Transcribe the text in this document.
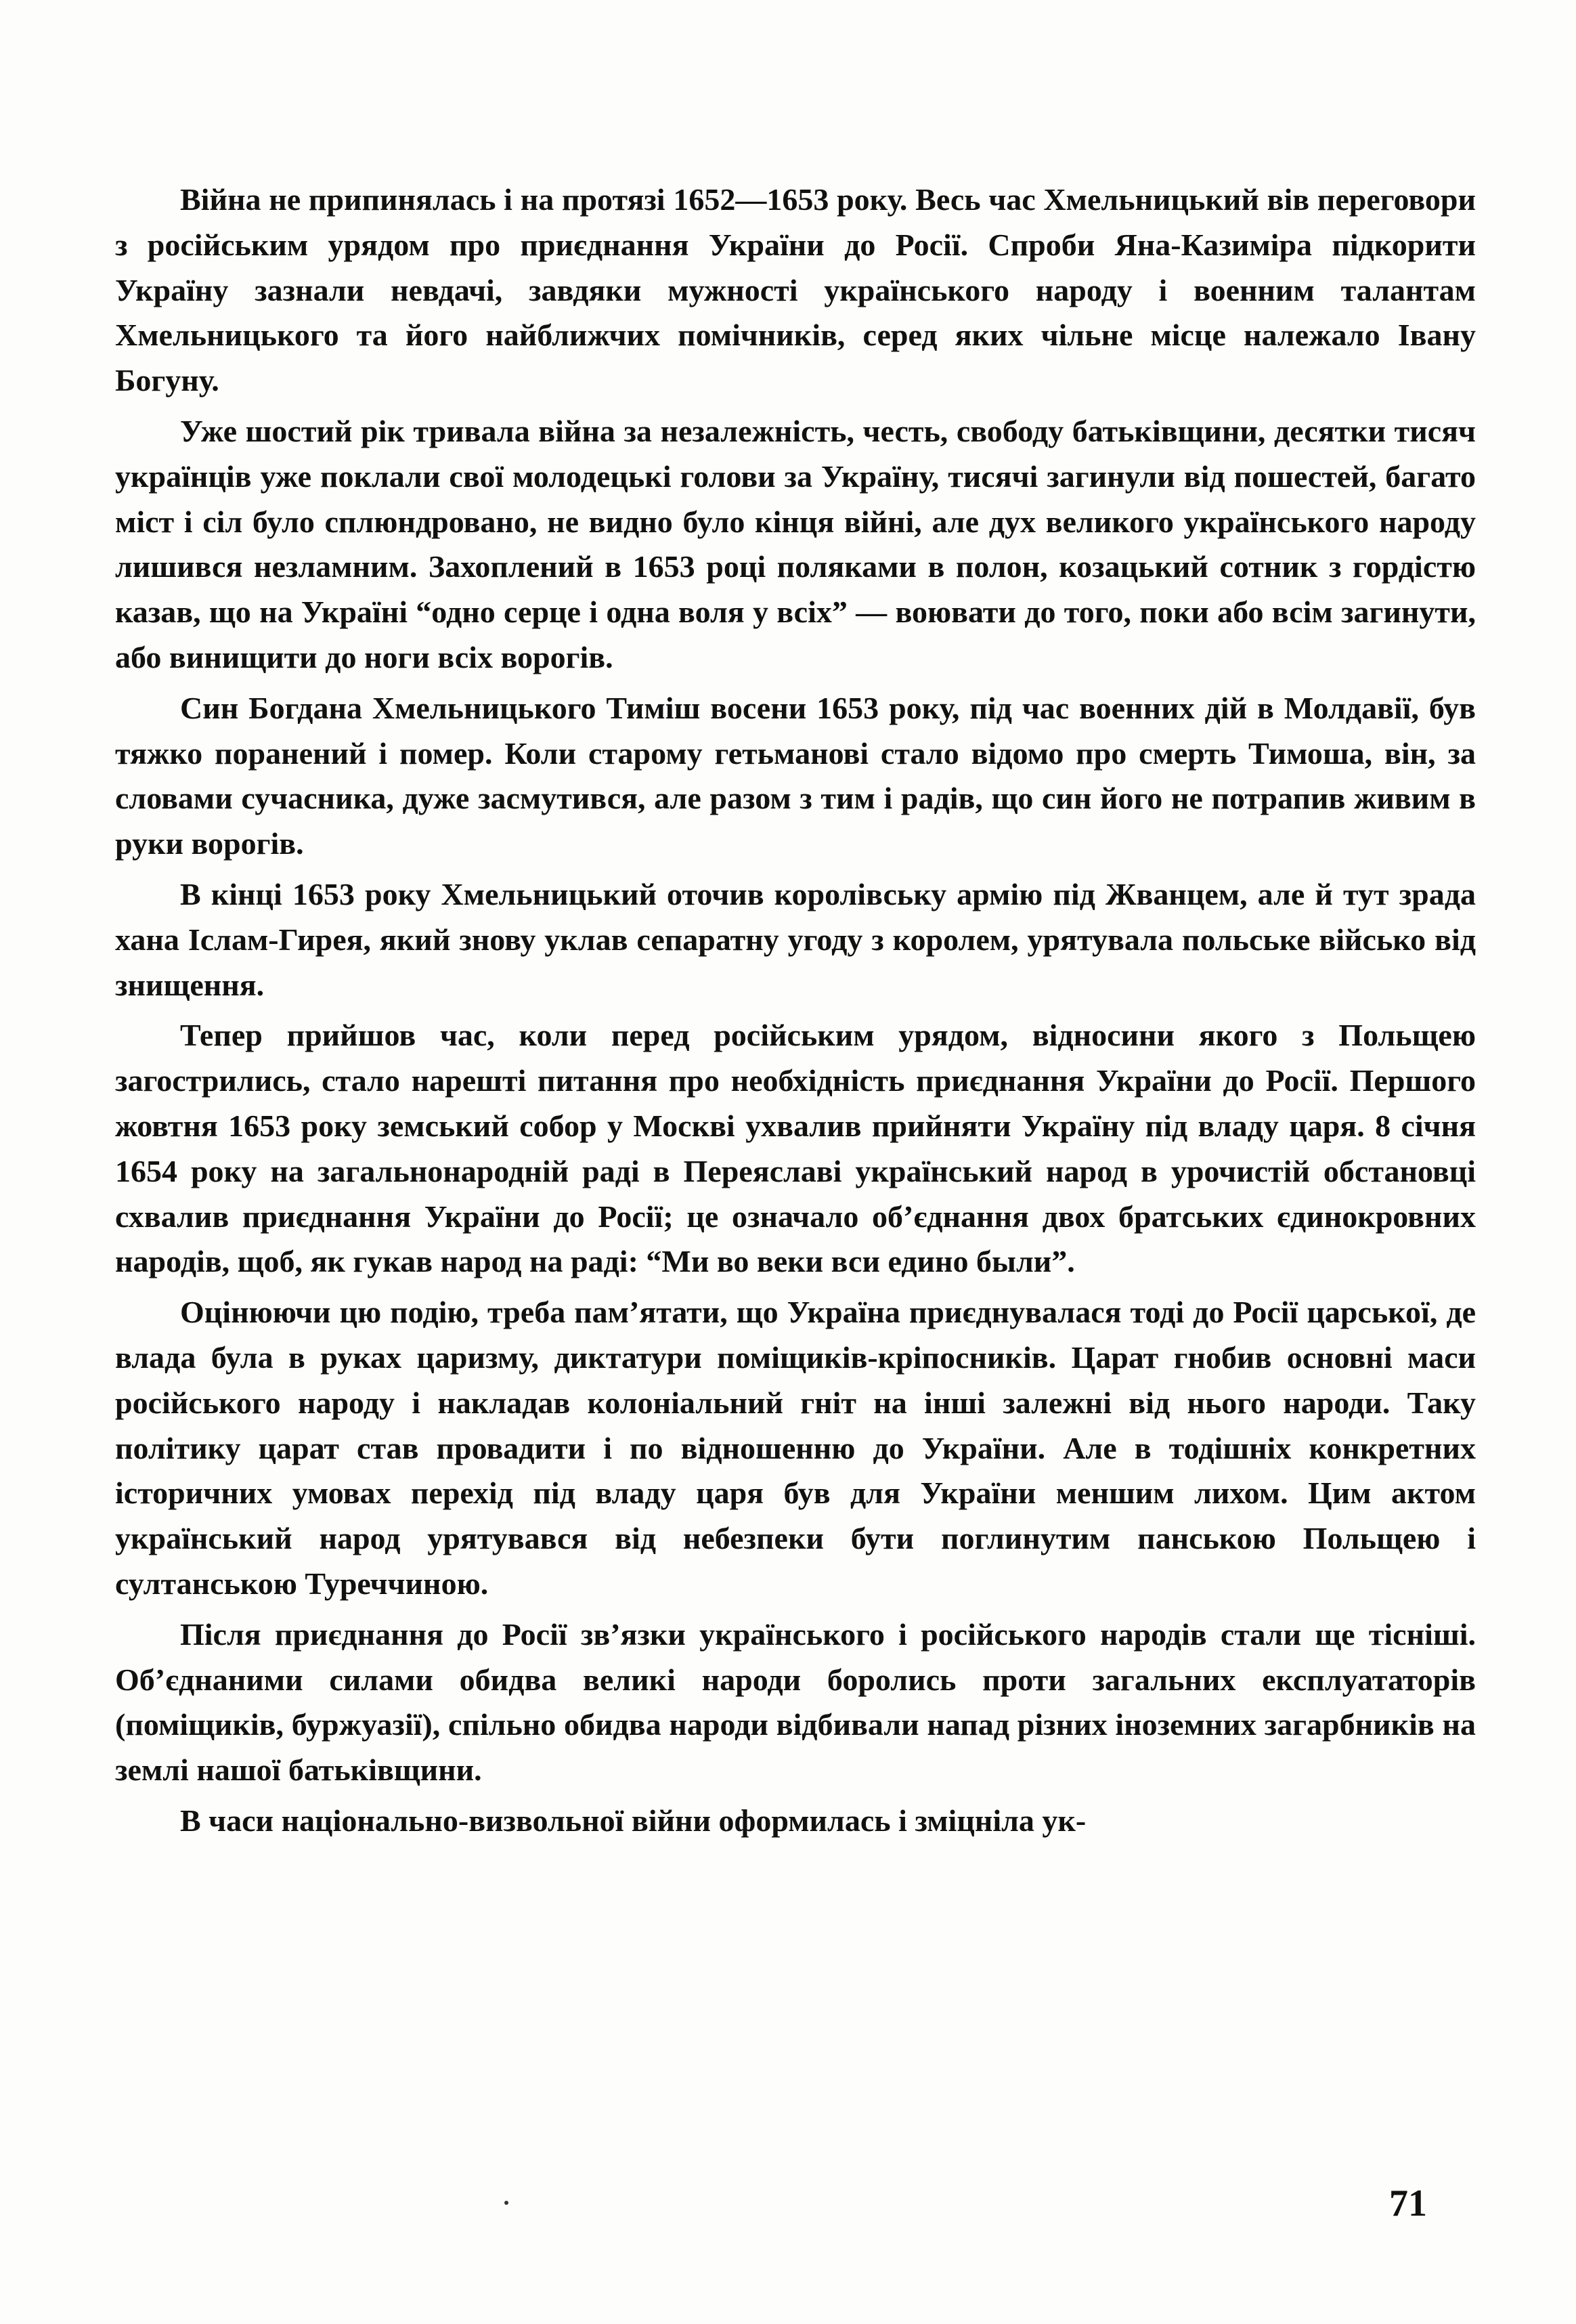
Війна не припинялась і на протязі 1652—1653 року. Весь час Хмельницький вів переговори з російським урядом про приєднання України до Росії. Спроби Яна-Казиміра підкорити Україну зазнали невдачі, завдяки мужності українського народу і военним талантам Хмельницького та його найближчих помічників, серед яких чільне місце належало Івану Богуну.

Уже шостий рік тривала війна за незалежність, честь, свободу батьківщини, десятки тисяч українців уже поклали свої молодецькі голови за Україну, тисячі загинули від пошестей, багато міст і сіл було сплюндровано, не видно було кінця війні, але дух великого українського народу лишився незламним. Захоплений в 1653 році поляками в полон, козацький сотник з гордістю казав, що на Україні “одно серце і одна воля у всіх” — воювати до того, поки або всім загинути, або винищити до ноги всіх ворогів.

Син Богдана Хмельницького Тиміш восени 1653 року, під час военних дій в Молдавії, був тяжко поранений і помер. Коли старому гетьманові стало відомо про смерть Тимоша, він, за словами сучасника, дуже засмутився, але разом з тим і радів, що син його не потрапив живим в руки ворогів.

В кінці 1653 року Хмельницький оточив королівську армію під Жванцем, але й тут зрада хана Іслам-Гирея, який знову уклав сепаратну угоду з королем, урятувала польське військо від знищення.

Тепер прийшов час, коли перед російським урядом, відносини якого з Польщею загострились, стало нарешті питання про необхідність приєднання України до Росії. Першого жовтня 1653 року земський собор у Москві ухвалив прийняти Україну під владу царя. 8 січня 1654 року на загальнонародній раді в Переяславі український народ в урочистій обстановці схвалив приєднання України до Росії; це означало об’єднання двох братських єдинокровних народів, щоб, як гукав народ на раді: “Ми во веки вси едино были”.

Оцінюючи цю подію, треба пам’ятати, що Україна приєднувалася тоді до Росії царської, де влада була в руках царизму, диктатури поміщиків-кріпосників. Царат гнобив основні маси російського народу і накладав колоніальний гніт на інші залежні від нього народи. Таку політику царат став провадити і по відношенню до України. Але в тодішніх конкретних історичних умовах перехід під владу царя був для України меншим лихом. Цим актом український народ урятувався від небезпеки бути поглинутим панською Польщею і султанською Туреччиною.

Після приєднання до Росії зв’язки українського і російського народів стали ще тісніші. Об’єднаними силами обидва великі народи боролись проти загальних експлуататорів (поміщиків, буржуазії), спільно обидва народи відбивали напад різних іноземних загарбників на землі нашої батьківщини.

В часи національно-визвольної війни оформилась і зміцніла ук-

71
